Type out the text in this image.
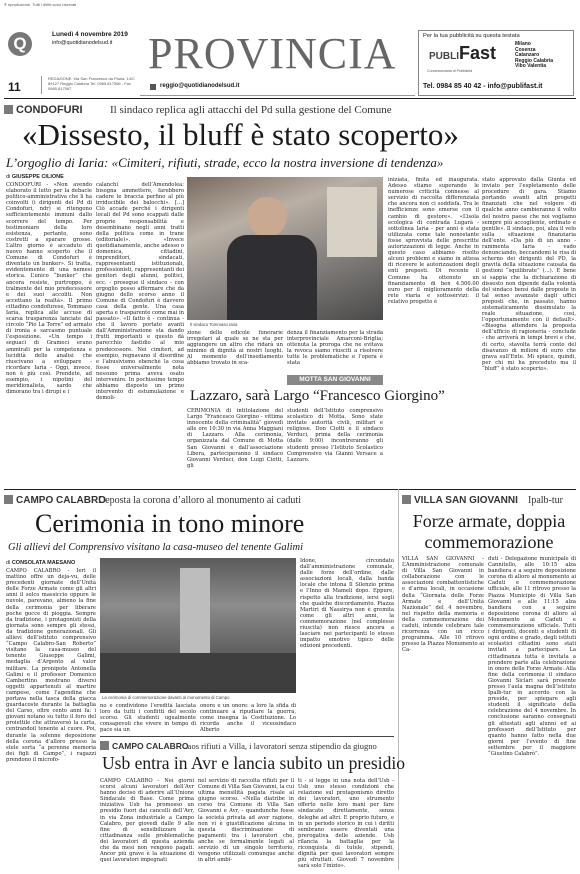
® riproduzione. Tutti i diritti sono riservati
Q	Lunedì 4 novembre 2019
info@quotidianodelsud.it PROVINCIA
11
REDAZIONE: Via San Francesco da Paola, 14/C 89127 Reggio Calabria Tel. 0965.817566 - Fax 0965.817567	reggio@quotidianodelsud.it
Per la tua pubblicità su questa testata
PUBLIFast
Concessionaria di Pubblicità
Milano
Cosenza
Catanzaro
Reggio Calabria
Vibo Valentia
Tel. 0984 85 40 42 - info@publifast.it
CONDOFURI Il sindaco replica agli attacchi del Pd sulla gestione del Comune
«Dissesto, il bluff è stato scoperto»
L’orgoglio di Iaria: «Cimiteri, rifiuti, strade, ecco la nostra inversione di tendenza»
di GIUSEPPE CILIONE
CONDOFURI - «Non avendo elaborato il lutto per la debacle politico-amministrativa che li ha coinvolti (i dirigenti del Pd di Condofuri, ndr) si ritengono sufficientemente immuni dallo scorrere del tempo. Per testimoniare della loro esistenza, pertanto, sono costretti a sparare grosse. L’altro giorno è accaduto di nuovo hanno scoperto che il Comune di Condofuri è diventato un bunker». Si tratta, evidentemente di una nemesi storica. L’unico “bunker” che ancora resiste, purtroppo, è tralmente del mio predecessore e dei suoi accoliti. Non accettano la realtà». Il primo cittadino condofurese, Tommaso Iaria, replica alle accuse di scarsa trasparenza lanciate dal circolo “Pio La Torre” ed armato di ironia e sarcasmo puntuale l’esposizione. «Un tempo i seguaci di Grameci erano ammirati per la competenza e lucidità delle analisi che riuscivano a sviluppare - ricordare Iaria - Oggi, invece, non è più così. Prendete, ad esempio, i nipotini del meridionalista, sardo che dimorano tra i dirupi e i
calanchi dell’Amendolea: bisogna ammettere, farebbero cadere le braccia perfino al più irriducibile dei balocchi». [...] Ciò accade perché i dirigenti locali del Pd sono scappati dalle proprie responsabilità e desembinano negli anni tratti della politica come in trane (editoriale)». «Invece quotidianamente, anche adesso o domenica, cittadini, imprenditori, sindacati, rappresentanti istituzionali, professionisti, rappresentanti dei genitori degli alunni, politici, ecc. - prosegue il sindaco - con orgoglio posso affermare che da giugno dello scorso anno il Comune di Condofuri è davvero casa della gente. Una casa aperta e trasparente come mai in passato». «Il fatto è - continua - che il lavoro portato avanti dall’Amministrazione sta dando frutti importanti e questo dà parecchio fastidio al mio predecessore. Nei cimiteri, ad esempio, regnavano il disordine e l’abusivismo ebenchè la cosa fosse universalmente nota nessuno prima aveva osato intervenire. In pochissimo tempo abbiamo disposto un primo intervento di estumulazione e demoli-
Il sindaco Tommaso Iaria
zione delle edicole funerarie irregolari al quale se ne sta per aggiungere un altro che ridarà un minimo di dignità ai nostri luoghi. Al momento dell’insediamento abbiamo trovato in sca-
denza il finanziamento per la strada interprovinciale Amarconi-Briglia; ottenuta la proroga che ne evitava la revoca siamo riusciti a risolvere tutte le problematiche e l’opera è stata
iniziata, finita ed inaugurata. Adesso stiamo superando le numerose criticità connesse al servizio di raccolta differenziata che ancora non ci soddisfa. Tra le inefficienze sono emerse con il cambio di gestore». «L’isola ecologica di contrada Lugarà - sottolinea Iaria - per anni è stata utilizzata come tale nonostante fosse sprovvista delle prescritte autorizzazioni di legge. Anche in questo caso abbiamo risolto alcuni problemi e siamo in attesa di ricevere le autorizzazioni degli enti preposti. Di recente il Comune ha ottenuto un finanziamento di ben 4.500.00 euro per il miglioramento della rete viaria e sottoservizi: il relativo progetto è
stato approvato dalla Giunta ed inviato per l’espletamento delle procedure di gara. Stiamo portando avanti altri progetti finanziati che nel volgere di qualche anno cambieranno il volto del nostro paese che noi vogliamo sempre più accogliente, ordinato e gentile». Il sindaco, poi, alza il velo sulla situazione finanziaria dell’ente. «Da più di un anno - rammenta Iaria - vado denunciando, beccandomi le risa di scherno dei dirigenti del PD, la gravità della situazione causata da gestioni “squilibrate” (...). E bene si sappia che la dichiarazione di dissesto non dipende dalla volontà del sindaco bensì dalle proposte in tal senso avanzate dagli uffici preposti che, in passato, hanno sistematicamente dissimulato la reale situazione, così, l’opportunamente con il default». «Bisogna attendere la proposta dell’ufficio di ragioneria - conclude - che arriverà in tempi brevi e che, di certo, stavolta terrà conto del disavanzo di milioni di euro che grava sull’Ente. Mi spiace, quindi, per chi mi ha preceduto ma il “bluff” è stato scoperto».
MOTTA SAN GIOVANNI
Lazzaro, sarà Largo “Francesco Giorgino”
CERIMONIA di intitolazione del Largo “Francesco Giorgino - vittima innocente della criminalità” giovedì alle ore 10:30 in via Anna Maggiani di Lazzaro. Alla cerimonia, organizzata dal Comune di Motta San Giovanni e dall’associazione Libera, parteciperanno il sindaco Giovanni Verduci, don Luigi Ciotti, gli
studenti dell’Istituto comprensivo scolastico di Motta. Sono state invitate autorità civili, militari e religiose. Don Ciotti e il sindaco Verduci, prima della cerimonia (dalle 9:00) incontreranno gli studenti presso l’Istituto Scolastico Comprensivo via Gianni Versace a Lazzaro.
CAMPO CALABRO
Deposta la corona d’alloro al monumento ai caduti
Cerimonia in tono minore
Gli allievi del Comprensivo visitano la casa-museo del tenente Galimi
di CONSOLATA MAESANO
CAMPO CALABRO - Ieri il mattino offre un deja-vu, delle precedenti giornate dell’Unità delle Forze Armate come gli altri anni il solco massiccio oppure le nuvole, parevano, almeno la fine della cerimonia per liberare poche gocce di pioggia. Sempre da tradizione, i protagonisti della giornata sono sempre gli stessi, da tradizione generazionali. Gli allievi dell’istituto comprensivo “Campo Calabro-San Roberto” visitano la casa-museo del tenente Giuseppe Galimi, medaglia d’Argento al valor militare. La pronipote Antonella Galimi e il professor Domenico Cambertino mostrano diversi oggetti appartenuti al martire campese, come l’agendina che portava nella tasca della giacca guardacoste durante la battaglia del Carso, oltre cento anni fa: i giovani notano su tutto il foro del proiettile che attraversò la carta, centrandoil tenente al cuore. Poi, durante la solenne deposizione della corona d’alloro presso la stele sorta “a perenne memoria dei figli di Campo”, i ragazzi prendono il microfo-
La cerimonia di commemorazione davanti al monumento di Campo
no e condividono l’eredità lasciata loro da tutti i conflitti del secolo scorso. Gli studenti ugualmente consapevoli che vivere in tempo di pace sia un
onore e un onore: a loro la sfida di continuare a ripudiare la guerra, come insegna la Costituzione. Lo ricorda anche il viceosindaco Alberto
Idone, circondato dall’amministrazione comunale, dalle forze dell’ordine, dalle associazioni locali, dalla banda locale che intona Il Silenzio prima e l’Inno di Mameli dopo. Eppure, rispetto alla tradizione, iersi sogli che qualche discordamento. Piazza Martiri di Nassirya non è gremita come gli altri anni, la commemorazione (nel complesso riuscita) non riesce ancora a lasciare nei partecipanti lo stesso impatto emotivo tipico delle edizioni precedenti.
VILLA SAN GIOVANNI Ipalb-tur
Forze armate, doppia commemorazione
VILLA SAN GIOVANNI - L’Amministrazione comunale di Villa San Giovanni in collaborazione con le associazioni combattentistiche e d’arma locali, in occasione della “Giornata delle Forze Armate e dell’Unità Nazionale” del 4 novembre, nel rispetto della memoria e della commemorazione dei caduti, intende celebrare tale ricorrenza con un ricco programma. Alle 10 ritrovo presso la Piazza Monumento ai Ca-
duti - Delegazione municipale di Cannitello, alle 10:15 alza bandiera e a seguire deposizione corona di alloro al monumento ai Caduti e commemorazione ufficiale, alle 11 ritrovo presso la Piazza Municipio di Villa San Giovanni e alle 11:15 alza bandiera con a seguire deposizione corona di alloro al Monumento ai Caduti e commemorazione ufficiale. Tutti i dirigenti, docenti e studenti di ogni ordine e grado, degli istituti scolastici cittadini sono stati invitati a partecipare. La cittadinanza tutta è invitata a prendere parte alla celebrazione in onore delle Forze Armate. Alla fine della cerimonia il sindaco Giovanni Siclari sarà presente presso l’aula magna dell’istituto Ipalb-tur in accordo con la preside, per spiegare agli studenti il significato della celebrazione del 4 novembre. In conclusione saranno consegnati gli attestati agli alunni ed ai professori dell’Istituto per quanto hanno fatto nella due giorni per l’evento di fine settembre per il maggiore “Giustino Calabrò”.
CAMPO CALABRO
Caos rifiuti a Villa, i lavoratori senza stipendio da giugno
Usb entra in Avr e lancia subito un presidio
CAMPO CALABRO - Nei giorni scorsi alcuni lavoratori dell’Avr hanno deciso di aderire all’Unione Sindacale di Base. Come prima iniziativa Usb ha promosso un presidio fuori dai cancelli dell’Avr, in via Zona industriale a Campo Calabro, per giovedì dalle 9 alle fine di sensibilizzare la cittadinanza sulle problematiche dei lavoratori di questa azienda che da mesi non vengono pagati. Ancor più grave è la situazione di quei lavoratori impegnati
nel servizio di raccolta rifiuti per il Comune di Villa San Giovanni, la cui ultima mensilità pagata risale al giugno scorso. «Nella diatribe in corso tra Comune di Villa San Giovanni e Avr, - quandunche fosse la società privata ad aver ragione, non vi è giustificazione alcuna in questa discriminazione di pagamenti tra i lavoratori che, anche se formalmente legati al servizio di un singolo territorio, vengono utilizzati comunque anche in altri ambi-
ti - si legge in una nota dell’Usb - Usb uno stesso condizioni che relazione sul protagonismo diretto dei lavoratori, uno strumento offerto nelle loro mani per fare sindacato direttamente, senza deleghe ad altri. E proprio futuro, e in un periodo storico in cui i diritti sembrano essere diventati una prerogativa delle aziende. Usb rilancia la battaglia per la riconquista di tutele, stipendi, dignità per quei lavoratori sempre più sfruttati. Giovedì 7 novembre sarà solo l’inizio».
